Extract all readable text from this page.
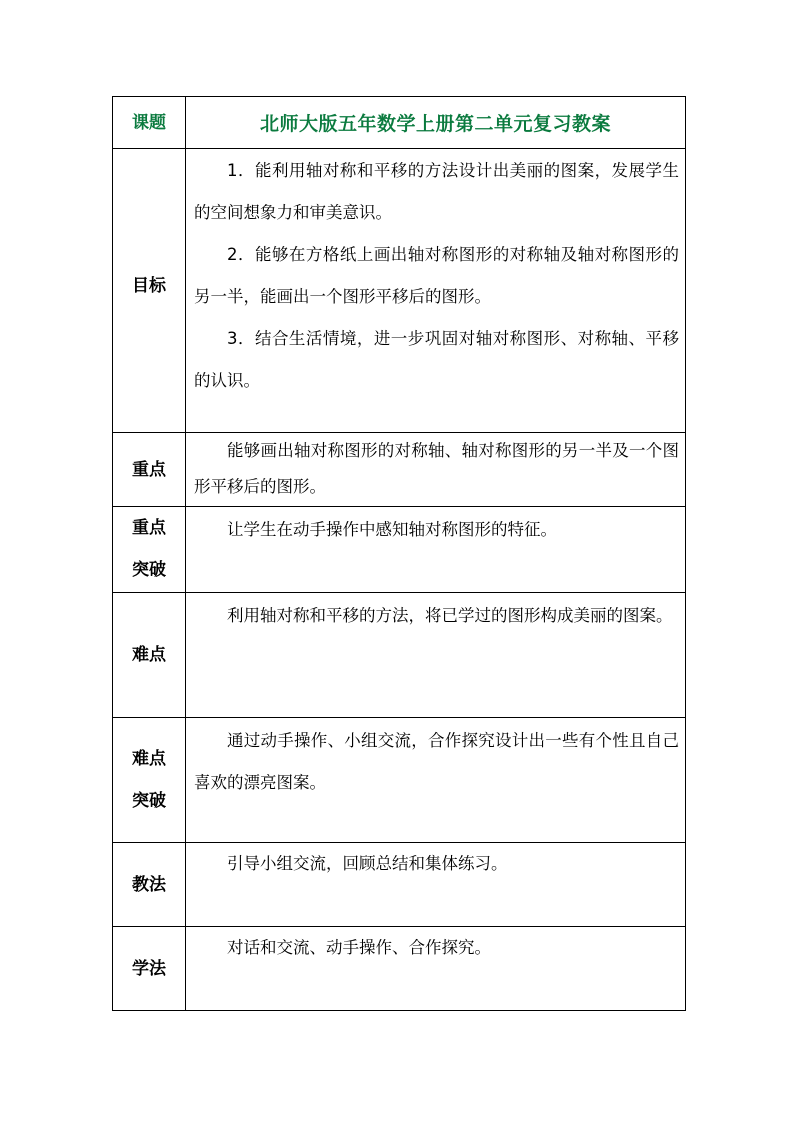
课题	北师大版五年数学上册第二单元复习教案
目标	1．能利用轴对称和平移的方法设计出美丽的图案，发展学生的空间想象力和审美意识。

2．能够在方格纸上画出轴对称图形的对称轴及轴对称图形的另一半，能画出一个图形平移后的图形。

3．结合生活情境，进一步巩固对轴对称图形、对称轴、平移的认识。

重点	能够画出轴对称图形的对称轴、轴对称图形的另一半及一个图形平移后的图形。

重点
突破	让学生在动手操作中感知轴对称图形的特征。

难点	利用轴对称和平移的方法，将已学过的图形构成美丽的图案。

难点
突破	通过动手操作、小组交流，合作探究设计出一些有个性且自己喜欢的漂亮图案。

教法	引导小组交流，回顾总结和集体练习。

学法	对话和交流、动手操作、合作探究。
